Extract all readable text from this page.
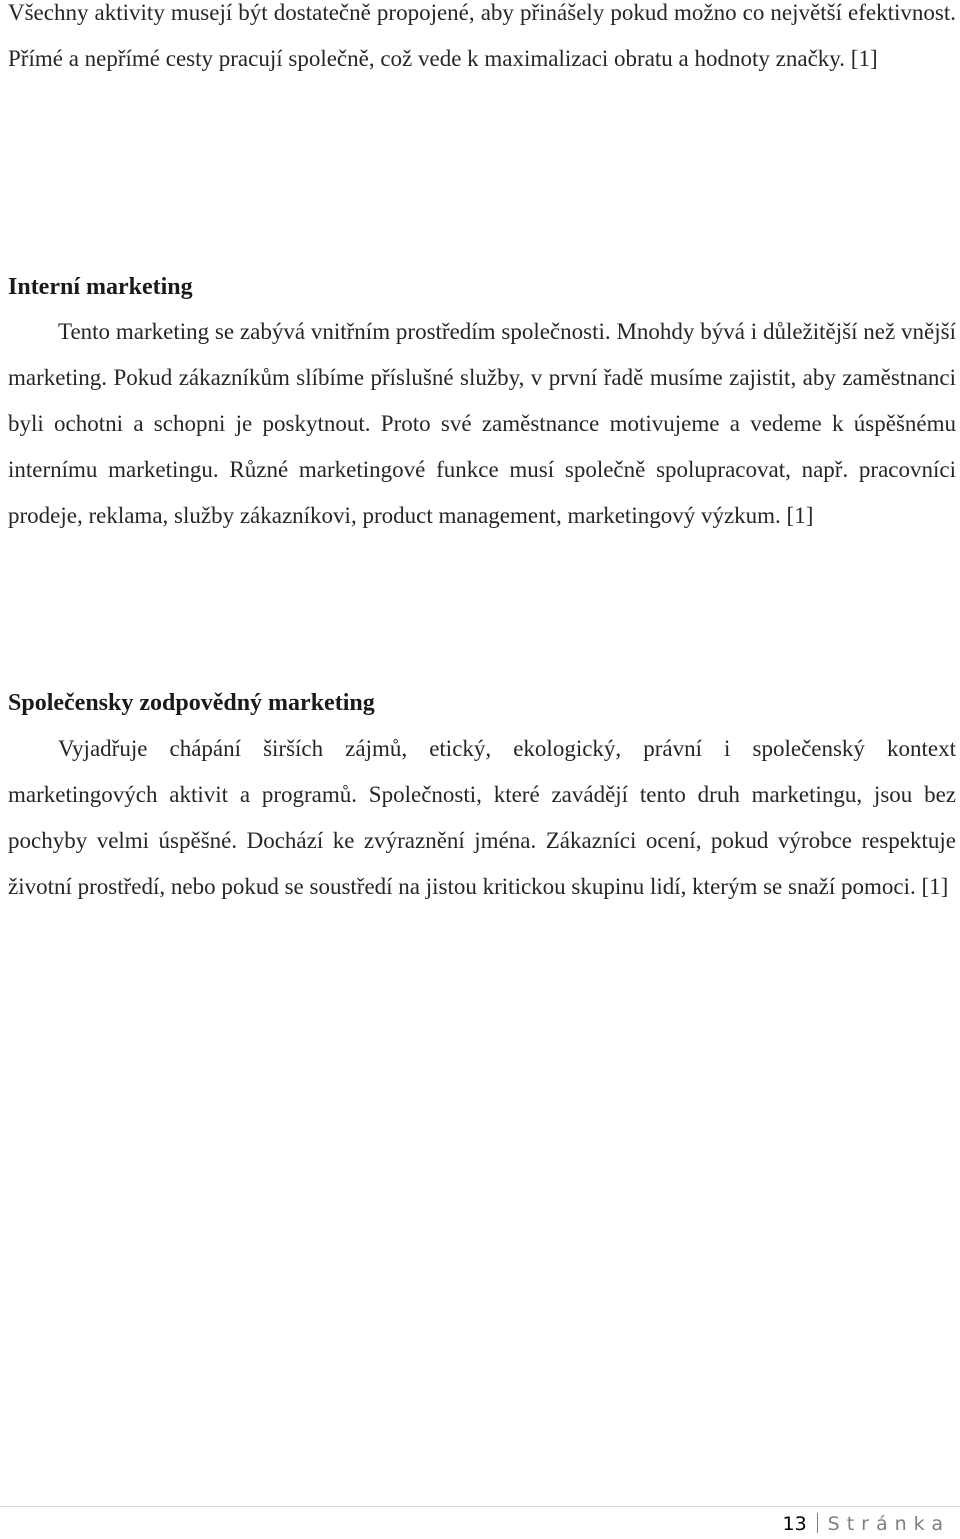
Všechny aktivity musejí být dostatečně propojené, aby přinášely pokud možno co největší efektivnost. Přímé a nepřímé cesty pracují společně, což vede k maximalizaci obratu a hodnoty značky. [1]

Interní marketing

Tento marketing se zabývá vnitřním prostředím společnosti. Mnohdy bývá i důležitější než vnější marketing. Pokud zákazníkům slíbíme příslušné služby, v první řadě musíme zajistit, aby zaměstnanci byli ochotni a schopni je poskytnout. Proto své zaměstnance motivujeme a vedeme k úspěšnému internímu marketingu. Různé marketingové funkce musí společně spolupracovat, např. pracovníci prodeje, reklama, služby zákazníkovi, product management, marketingový výzkum. [1]

Společensky zodpovědný marketing

Vyjadřuje chápání širších zájmů, etický, ekologický, právní i společenský kontext marketingových aktivit a programů. Společnosti, které zavádějí tento druh marketingu, jsou bez pochyby velmi úspěšné. Dochází ke zvýraznění jména. Zákazníci ocení, pokud výrobce respektuje životní prostředí, nebo pokud se soustředí na jistou kritickou skupinu lidí, kterým se snaží pomoci. [1]

13 Stránka
